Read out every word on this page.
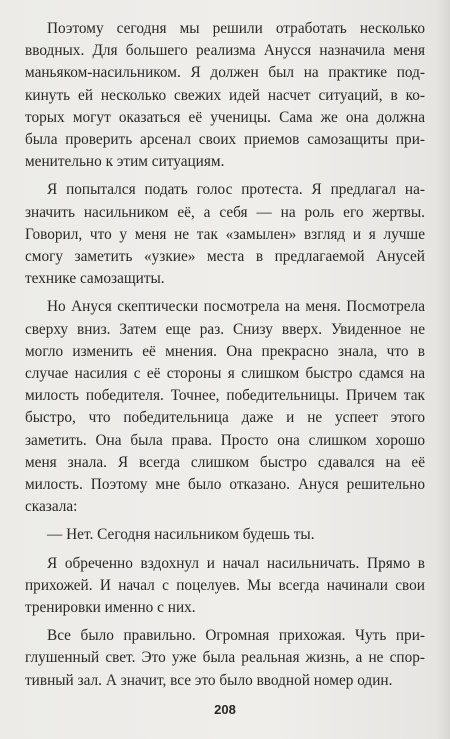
Поэтому сегодня мы решили отработать несколько вводных. Для большего реализма Анусся назначила меня маньяком-насильником. Я должен был на практике подкинуть ей несколько свежих идей насчет ситуаций, в которых могут оказаться её ученицы. Сама же она должна была проверить арсенал своих приемов самозащиты применительно к этим ситуациям.

Я попытался подать голос протеста. Я предлагал назначить насильником её, а себя — на роль его жертвы. Говорил, что у меня не так «замылен» взгляд и я лучше смогу заметить «узкие» места в предлагаемой Анусей технике самозащиты.

Но Ануся скептически посмотрела на меня. Посмотрела сверху вниз. Затем еще раз. Снизу вверх. Увиденное не могло изменить её мнения. Она прекрасно знала, что в случае насилия с её стороны я слишком быстро сдамся на милость победителя. Точнее, победительницы. Причем так быстро, что победительница даже и не успеет этого заметить. Она была права. Просто она слишком хорошо меня знала. Я всегда слишком быстро сдавался на её милость. Поэтому мне было отказано. Ануся решительно сказала:

— Нет. Сегодня насильником будешь ты.

Я обреченно вздохнул и начал насильничать. Прямо в прихожей. И начал с поцелуев. Мы всегда начинали свои тренировки именно с них.

Все было правильно. Огромная прихожая. Чуть приглушенный свет. Это уже была реальная жизнь, а не спортивный зал. А значит, все это было вводной номер один.

208
